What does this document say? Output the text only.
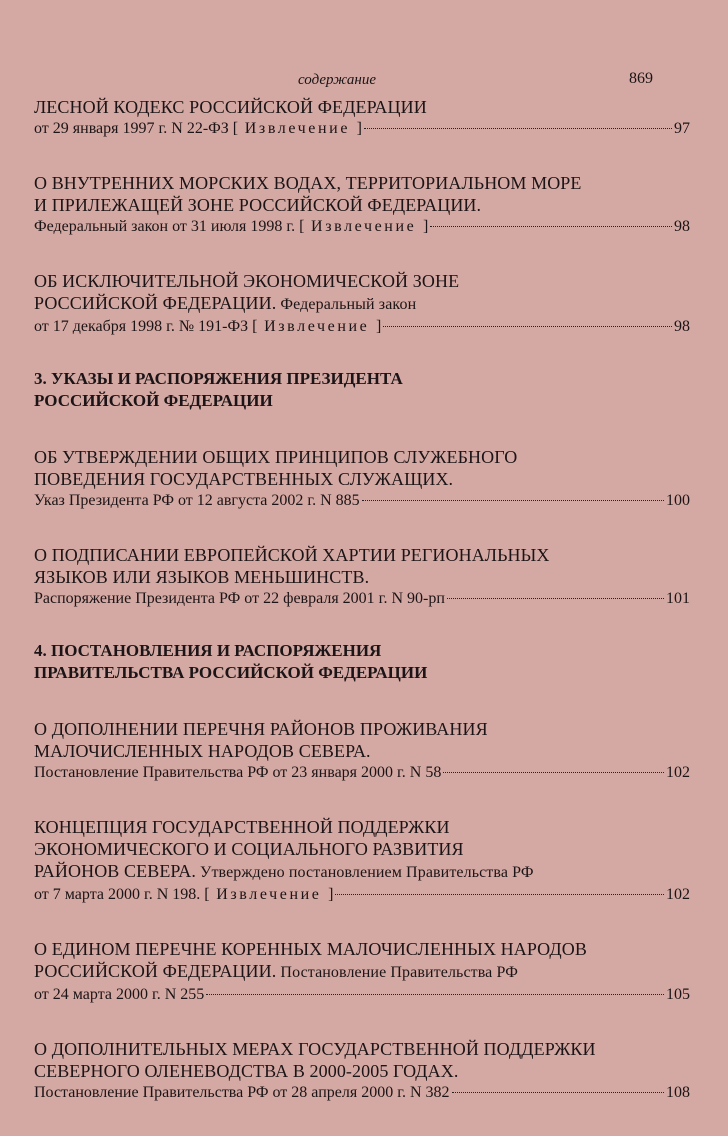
содержание	869
ЛЕСНОЙ КОДЕКС РОССИЙСКОЙ ФЕДЕРАЦИИ
от 29 января 1997 г. N 22-ФЗ [ Извлечение ]	97
О ВНУТРЕННИХ МОРСКИХ ВОДАХ, ТЕРРИТОРИАЛЬНОМ МОРЕ
И ПРИЛЕЖАЩЕЙ ЗОНЕ РОССИЙСКОЙ ФЕДЕРАЦИИ.
Федеральный закон от 31 июля 1998 г. [ Извлечение ]	98
ОБ ИСКЛЮЧИТЕЛЬНОЙ ЭКОНОМИЧЕСКОЙ ЗОНЕ
РОССИЙСКОЙ ФЕДЕРАЦИИ. Федеральный закон
от 17 декабря 1998 г. № 191-ФЗ [ Извлечение ]	98
3. УКАЗЫ И РАСПОРЯЖЕНИЯ ПРЕЗИДЕНТА
РОССИЙСКОЙ ФЕДЕРАЦИИ
ОБ УТВЕРЖДЕНИИ ОБЩИХ ПРИНЦИПОВ СЛУЖЕБНОГО
ПОВЕДЕНИЯ ГОСУДАРСТВЕННЫХ СЛУЖАЩИХ.
Указ Президента РФ от 12 августа 2002 г. N 885	100
О ПОДПИСАНИИ ЕВРОПЕЙСКОЙ ХАРТИИ РЕГИОНАЛЬНЫХ
ЯЗЫКОВ ИЛИ ЯЗЫКОВ МЕНЬШИНСТВ.
Распоряжение Президента РФ от 22 февраля 2001 г. N 90-рп	101
4. ПОСТАНОВЛЕНИЯ И РАСПОРЯЖЕНИЯ
ПРАВИТЕЛЬСТВА РОССИЙСКОЙ ФЕДЕРАЦИИ
О ДОПОЛНЕНИИ ПЕРЕЧНЯ РАЙОНОВ ПРОЖИВАНИЯ
МАЛОЧИСЛЕННЫХ НАРОДОВ СЕВЕРА.
Постановление Правительства РФ от 23 января 2000 г. N 58	102
КОНЦЕПЦИЯ ГОСУДАРСТВЕННОЙ ПОДДЕРЖКИ
ЭКОНОМИЧЕСКОГО И СОЦИАЛЬНОГО РАЗВИТИЯ
РАЙОНОВ СЕВЕРА. Утверждено постановлением Правительства РФ
от 7 марта 2000 г. N 198. [ Извлечение ]	102
О ЕДИНОМ ПЕРЕЧНЕ КОРЕННЫХ МАЛОЧИСЛЕННЫХ НАРОДОВ
РОССИЙСКОЙ ФЕДЕРАЦИИ. Постановление Правительства РФ
от 24 марта 2000 г. N 255	105
О ДОПОЛНИТЕЛЬНЫХ МЕРАХ ГОСУДАРСТВЕННОЙ ПОДДЕРЖКИ
СЕВЕРНОГО ОЛЕНЕВОДСТВА В 2000-2005 ГОДАХ.
Постановление Правительства РФ от 28 апреля 2000 г. N 382	108
